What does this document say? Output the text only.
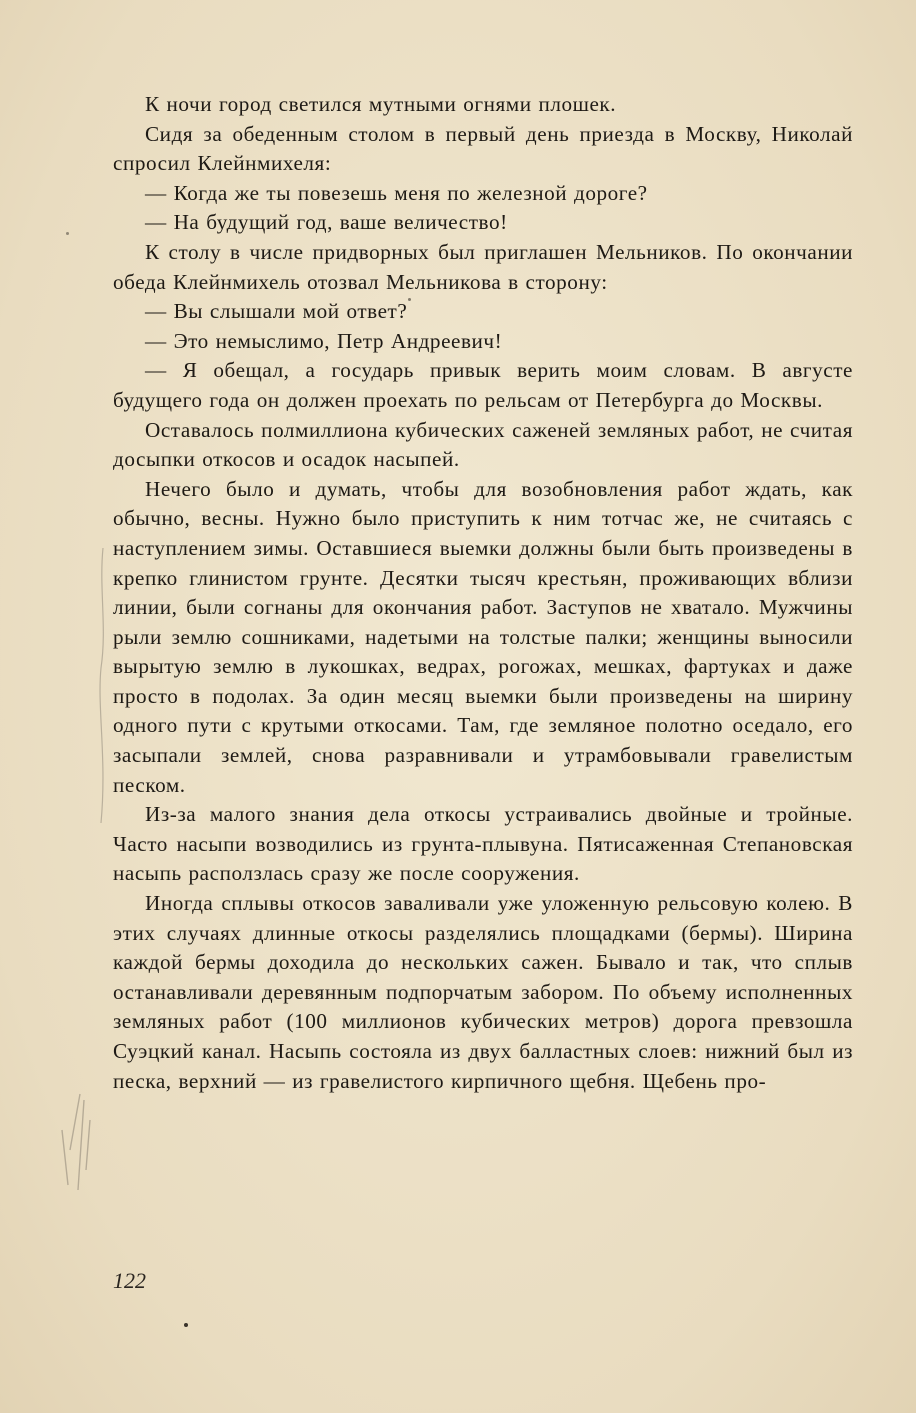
К ночи город светился мутными огнями плошек.

Сидя за обеденным столом в первый день приезда в Москву, Николай спросил Клейнмихеля:

— Когда же ты повезешь меня по железной дороге?

— На будущий год, ваше величество!

К столу в числе придворных был приглашен Мельников. По окончании обеда Клейнмихель отозвал Мельникова в сторону:

— Вы слышали мой ответ?

— Это немыслимо, Петр Андреевич!

— Я обещал, а государь привык верить моим словам. В августе будущего года он должен проехать по рельсам от Петербурга до Москвы.

Оставалось полмиллиона кубических саженей земляных работ, не считая досыпки откосов и осадок насыпей.

Нечего было и думать, чтобы для возобновления работ ждать, как обычно, весны. Нужно было приступить к ним тотчас же, не считаясь с наступлением зимы. Оставшиеся выемки должны были быть произведены в крепко глинистом грунте. Десятки тысяч крестьян, проживающих вблизи линии, были согнаны для окончания работ. Заступов не хватало. Мужчины рыли землю сошниками, надетыми на толстые палки; женщины выносили вырытую землю в лукошках, ведрах, рогожах, мешках, фартуках и даже просто в подолах. За один месяц выемки были произведены на ширину одного пути с крутыми откосами. Там, где земляное полотно оседало, его засыпали землей, снова разравнивали и утрамбовывали гравелистым песком.

Из-за малого знания дела откосы устраивались двойные и тройные. Часто насыпи возводились из грунта-плывуна. Пятисаженная Степановская насыпь расползлась сразу же после сооружения.

Иногда сплывы откосов заваливали уже уложенную рельсовую колею. В этих случаях длинные откосы разделялись площадками (бермы). Ширина каждой бермы доходила до нескольких сажен. Бывало и так, что сплыв останавливали деревянным подпорчатым забором. По объему исполненных земляных работ (100 миллионов кубических метров) дорога превзошла Суэцкий канал. Насыпь состояла из двух балластных слоев: нижний был из песка, верхний — из гравелистого кирпичного щебня. Щебень про-

122
